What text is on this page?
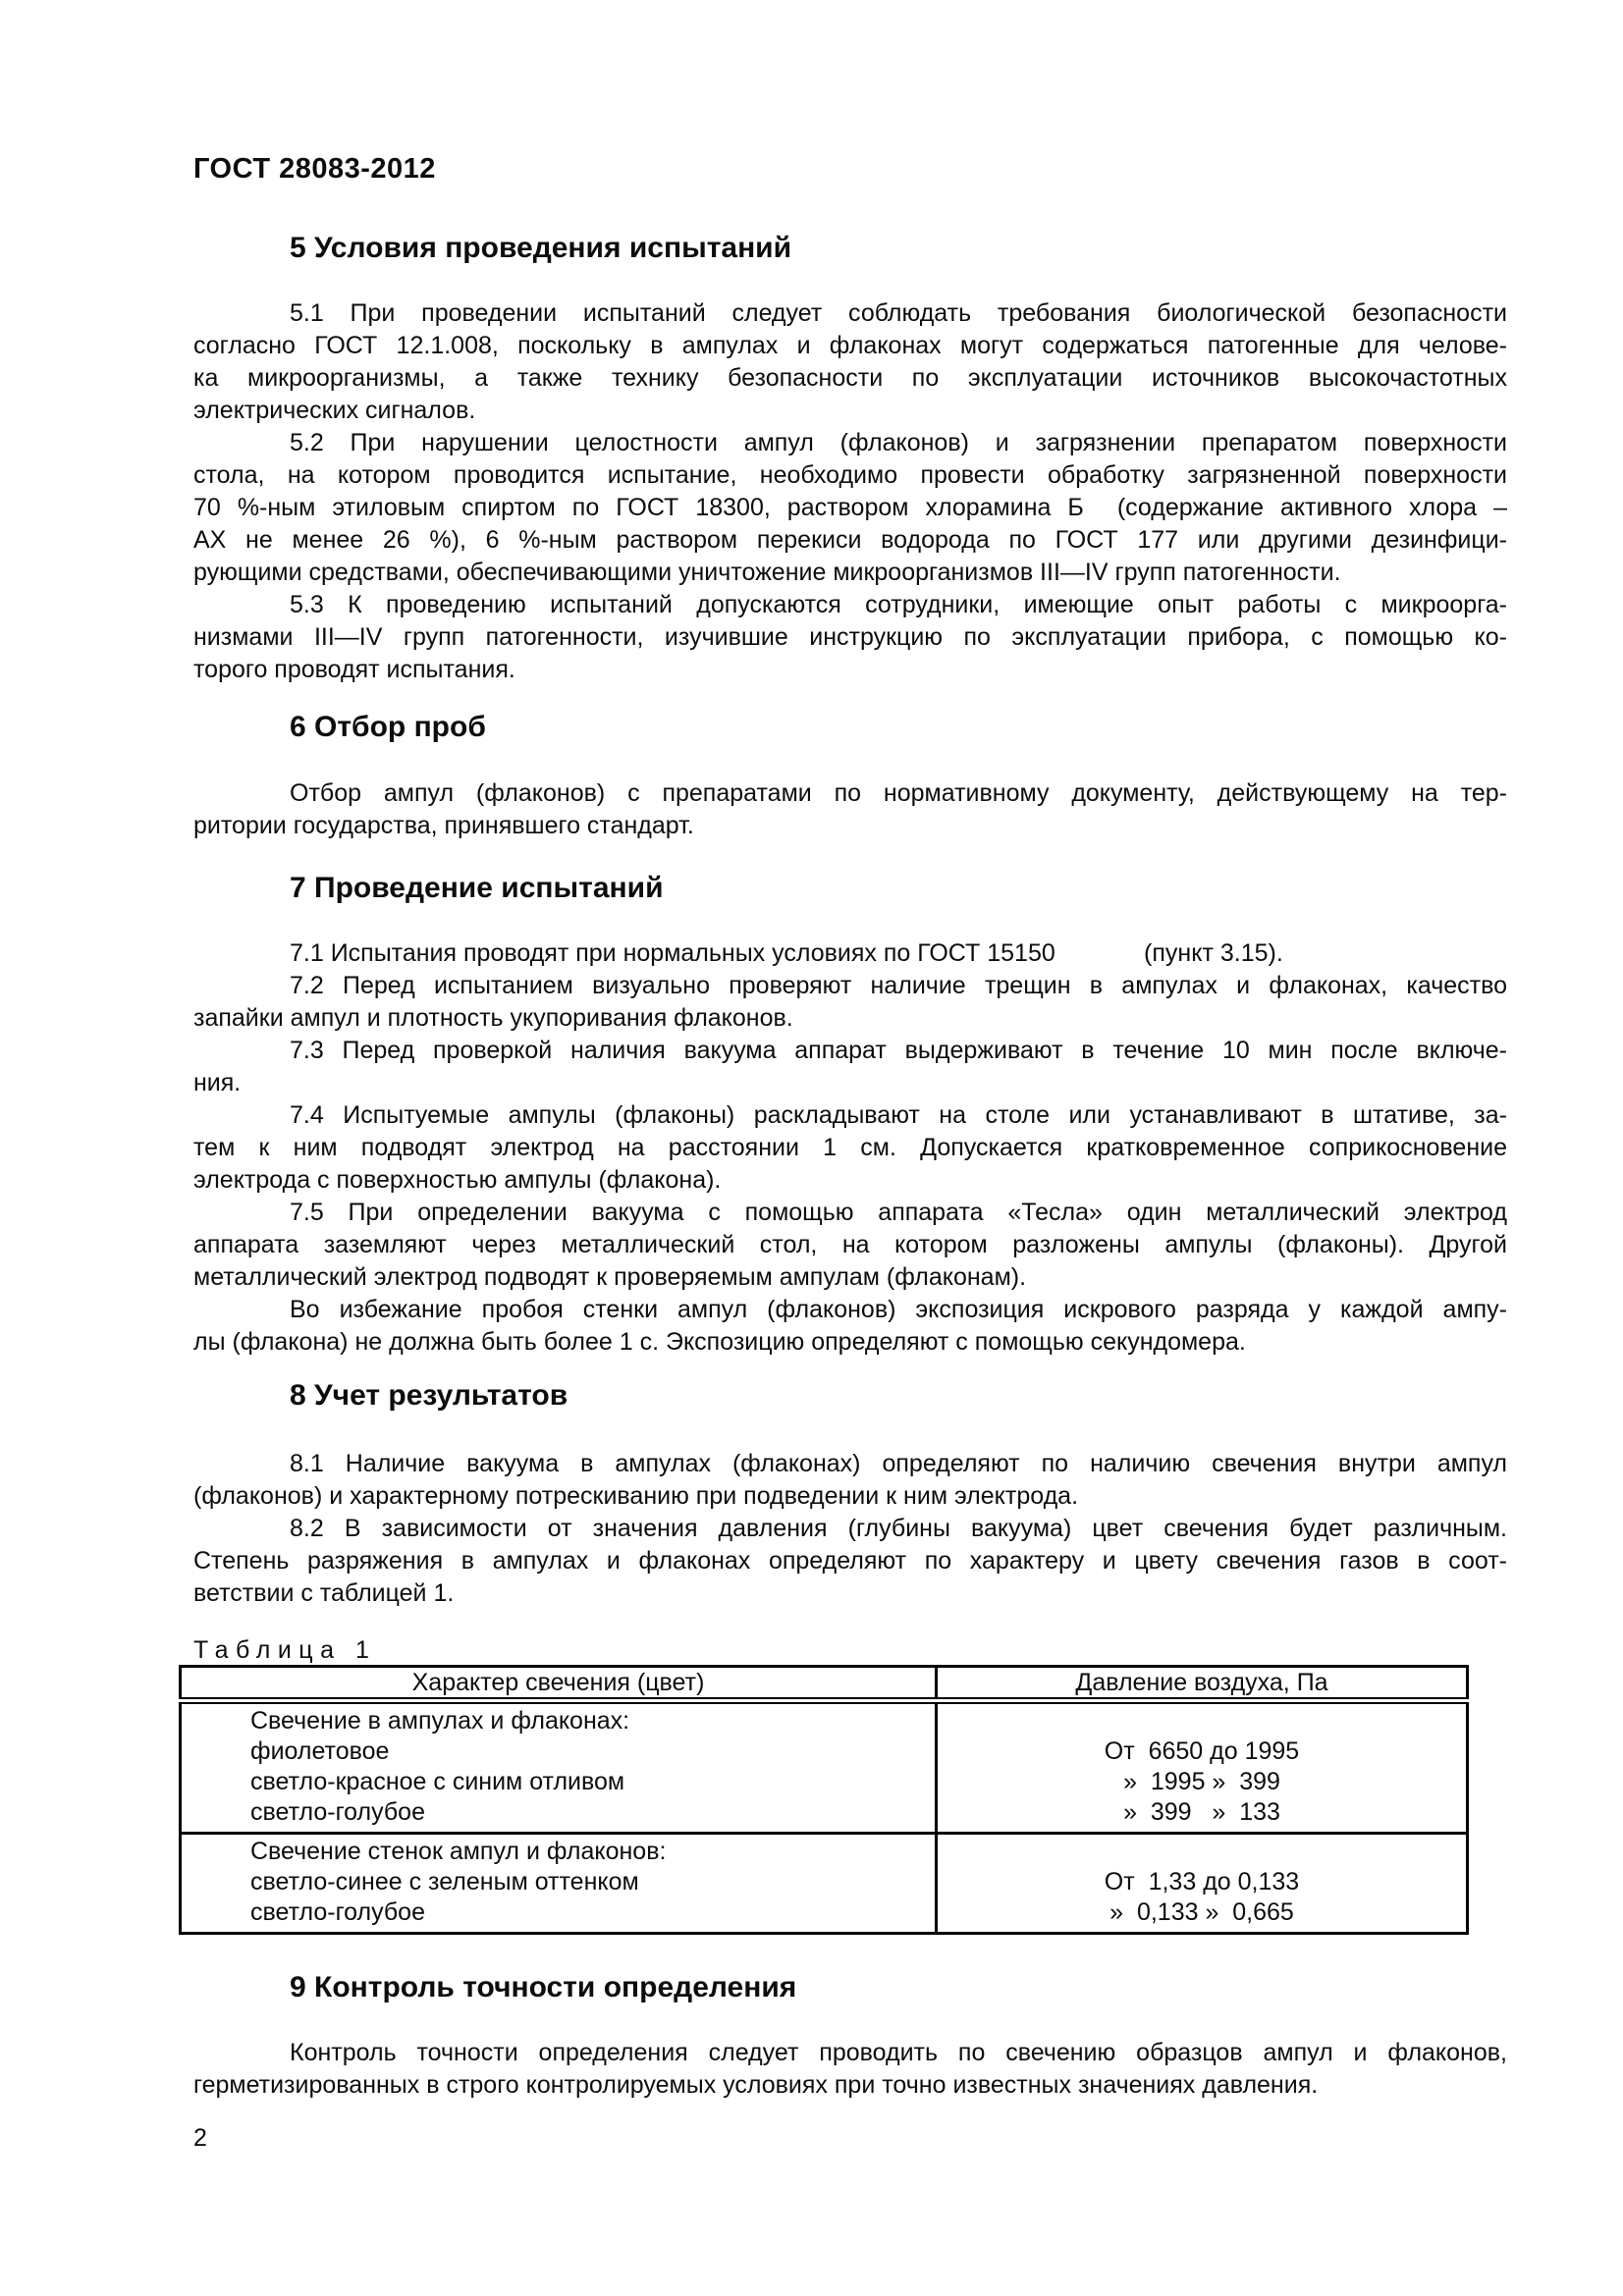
ГОСТ 28083-2012
5 Условия проведения испытаний
5.1 При проведении испытаний следует соблюдать требования биологической безопасности
согласно ГОСТ 12.1.008, поскольку в ампулах и флаконах могут содержаться патогенные для челове-
ка микроорганизмы, а также технику безопасности по эксплуатации источников высокочастотных
электрических сигналов.
5.2 При нарушении целостности ампул (флаконов) и загрязнении препаратом поверхности
стола, на котором проводится испытание, необходимо провести обработку загрязненной поверхности
70 %-ным этиловым спиртом по ГОСТ 18300, раствором хлорамина Б  (содержание активного хлора –
АХ не менее 26 %), 6 %-ным раствором перекиси водорода по ГОСТ 177 или другими дезинфици-
рующими средствами, обеспечивающими уничтожение микроорганизмов III—IV групп патогенности.
5.3 К проведению испытаний допускаются сотрудники, имеющие опыт работы с микроорга-
низмами III—IV групп патогенности, изучившие инструкцию по эксплуатации прибора, с помощью ко-
торого проводят испытания.
6 Отбор проб
Отбор ампул (флаконов) с препаратами по нормативному документу, действующему на тер-
ритории государства, принявшего стандарт.
7 Проведение испытаний
7.1 Испытания проводят при нормальных условиях по ГОСТ 15150             (пункт 3.15).
7.2 Перед испытанием визуально проверяют наличие трещин в ампулах и флаконах, качество
запайки ампул и плотность укупоривания флаконов.
7.3 Перед проверкой наличия вакуума аппарат выдерживают в течение 10 мин после включе-
ния.
7.4 Испытуемые ампулы (флаконы) раскладывают на столе или устанавливают в штативе, за-
тем к ним подводят электрод на расстоянии 1 см. Допускается кратковременное соприкосновение
электрода с поверхностью ампулы (флакона).
7.5 При определении вакуума с помощью аппарата «Тесла» один металлический электрод
аппарата заземляют через металлический стол, на котором разложены ампулы (флаконы). Другой
металлический электрод подводят к проверяемым ампулам (флаконам).
Во избежание пробоя стенки ампул (флаконов) экспозиция искрового разряда у каждой ампу-
лы (флакона) не должна быть более 1 с. Экспозицию определяют с помощью секундомера.
8 Учет результатов
8.1 Наличие вакуума в ампулах (флаконах) определяют по наличию свечения внутри ампул
(флаконов) и характерному потрескиванию при подведении к ним электрода.
8.2 В зависимости от значения давления (глубины вакуума) цвет свечения будет различным.
Степень разряжения в ампулах и флаконах определяют по характеру и цвету свечения газов в соот-
ветствии с таблицей 1.
Таблица 1
Характер свечения (цвет)	Давление воздуха, Па
Свечение в ампулах и флаконах:	
фиолетовое	От  6650 до 1995
светло-красное с синим отливом	»  1995 »  399
светло-голубое	»  399   »  133
Свечение стенок ампул и флаконов:	
светло-синее с зеленым оттенком	От  1,33 до 0,133
светло-голубое	»  0,133 »  0,665
9 Контроль точности определения
Контроль точности определения следует проводить по свечению образцов ампул и флаконов,
герметизированных в строго контролируемых условиях при точно известных значениях давления.
2
